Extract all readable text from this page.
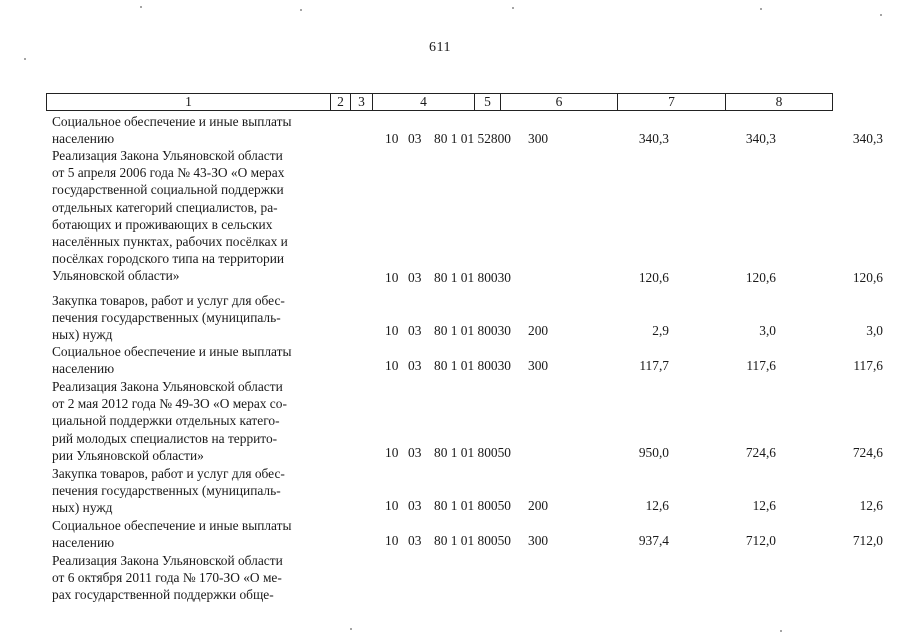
611
1	2	3	4	5	6	7	8
Социальное обеспечение и иные выплаты
населению	10 03 80 1 01 52800 300	340,3	340,3	340,3
Реализация Закона Ульяновской области
от 5 апреля 2006 года № 43-ЗО «О мерах
государственной социальной поддержки
отдельных категорий специалистов, ра-
ботающих и проживающих в сельских
населённых пунктах, рабочих посёлках и
посёлках городского типа на территории
Ульяновской области»	10 03 80 1 01 80030	120,6	120,6	120,6
Закупка товаров, работ и услуг для обес-
печения государственных (муниципаль-
ных) нужд	10 03 80 1 01 80030 200	2,9	3,0	3,0
Социальное обеспечение и иные выплаты
населению	10 03 80 1 01 80030 300	117,7	117,6	117,6
Реализация Закона Ульяновской области
от 2 мая 2012 года № 49-ЗО «О мерах со-
циальной поддержки отдельных катего-
рий молодых специалистов на террито-
рии Ульяновской области»	10 03 80 1 01 80050	950,0	724,6	724,6
Закупка товаров, работ и услуг для обес-
печения государственных (муниципаль-
ных) нужд	10 03 80 1 01 80050 200	12,6	12,6	12,6
Социальное обеспечение и иные выплаты
населению	10 03 80 1 01 80050 300	937,4	712,0	712,0
Реализация Закона Ульяновской области
от 6 октября 2011 года № 170-ЗО «О ме-
рах государственной поддержки обще-
